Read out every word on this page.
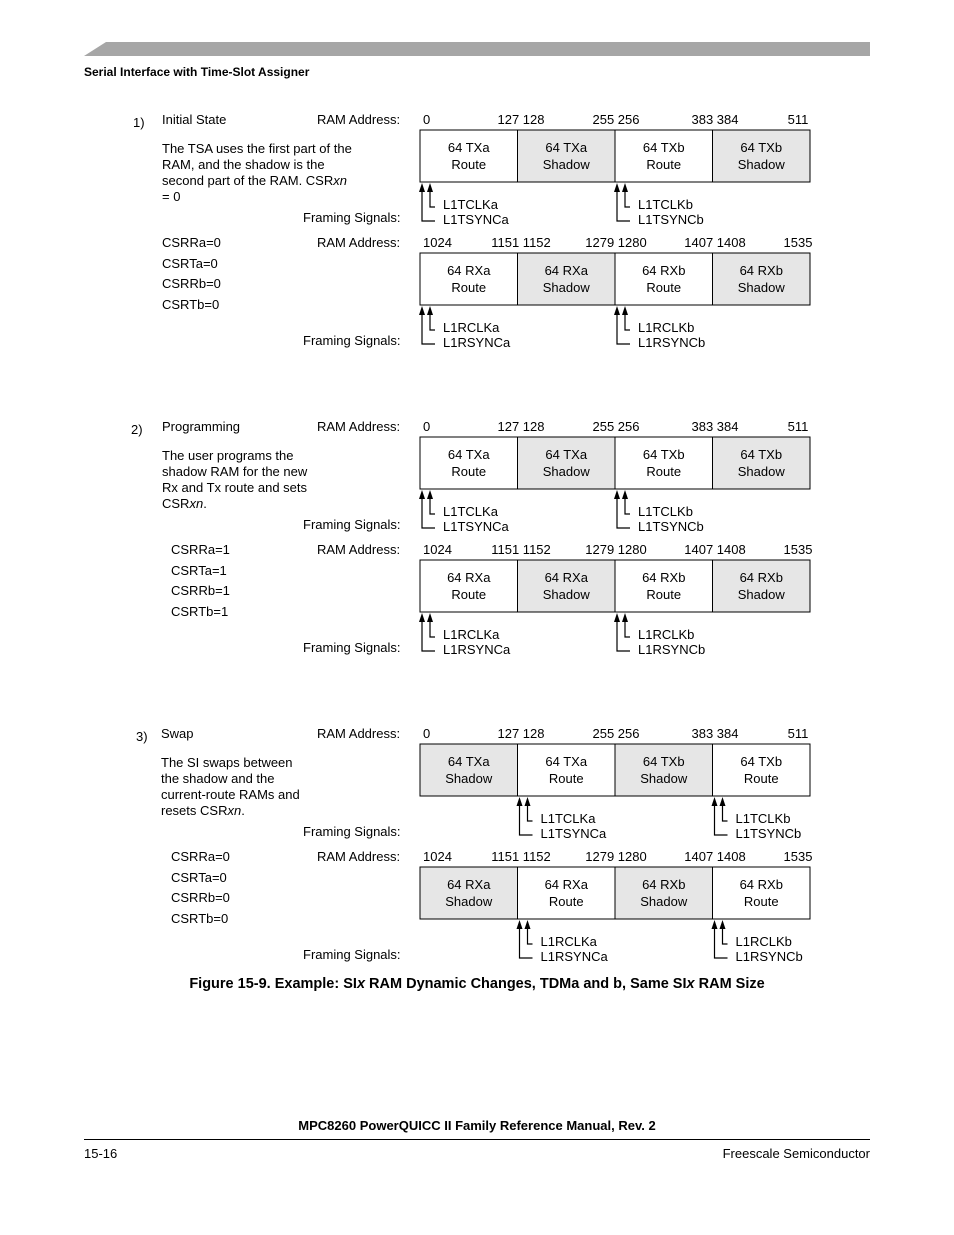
Serial Interface with Time-Slot Assigner
1) Initial State
The TSA uses the first part of the RAM, and the shadow is the second part of the RAM. CSRxn = 0
CSRRa=0
CSRTa=0
CSRRb=0
CSRTb=0
RAM Address:
Framing Signals:
RAM Address:
Framing Signals:
0	127 128	255 256	383 384	511
1024	1151 1152	1279 1280	1407 1408	1535
64 TXa
Route
64 TXa
Shadow
64 TXb
Route
64 TXb
Shadow
L1TCLKa
L1TSYNCa
L1TCLKb
L1TSYNCb
64 RXa
Route
64 RXa
Shadow
64 RXb
Route
64 RXb
Shadow
L1RCLKa
L1RSYNCa
L1RCLKb
L1RSYNCb
2) Programming
The user programs the shadow RAM for the new Rx and Tx route and sets CSRxn.
CSRRa=1
CSRTa=1
CSRRb=1
CSRTb=1
RAM Address:
Framing Signals:
RAM Address:
Framing Signals:
0	127 128	255 256	383 384	511
1024	1151 1152	1279 1280	1407 1408	1535
64 TXa
Route
64 TXa
Shadow
64 TXb
Route
64 TXb
Shadow
L1TCLKa
L1TSYNCa
L1TCLKb
L1TSYNCb
64 RXa
Route
64 RXa
Shadow
64 RXb
Route
64 RXb
Shadow
L1RCLKa
L1RSYNCa
L1RCLKb
L1RSYNCb
3) Swap
The SI swaps between the shadow and the current-route RAMs and resets CSRxn.
CSRRa=0
CSRTa=0
CSRRb=0
CSRTb=0
RAM Address:
Framing Signals:
RAM Address:
Framing Signals:
0	127 128	255 256	383 384	511
1024	1151 1152	1279 1280	1407 1408	1535
64 TXa
Shadow
64 TXa
Route
64 TXb
Shadow
64 TXb
Route
L1TCLKa
L1TSYNCa
L1TCLKb
L1TSYNCb
64 RXa
Shadow
64 RXa
Route
64 RXb
Shadow
64 RXb
Route
L1RCLKa
L1RSYNCa
L1RCLKb
L1RSYNCb
Figure 15-9. Example: SIx RAM Dynamic Changes, TDMa and b, Same SIx RAM Size
MPC8260 PowerQUICC II Family Reference Manual, Rev. 2
15-16	Freescale Semiconductor
